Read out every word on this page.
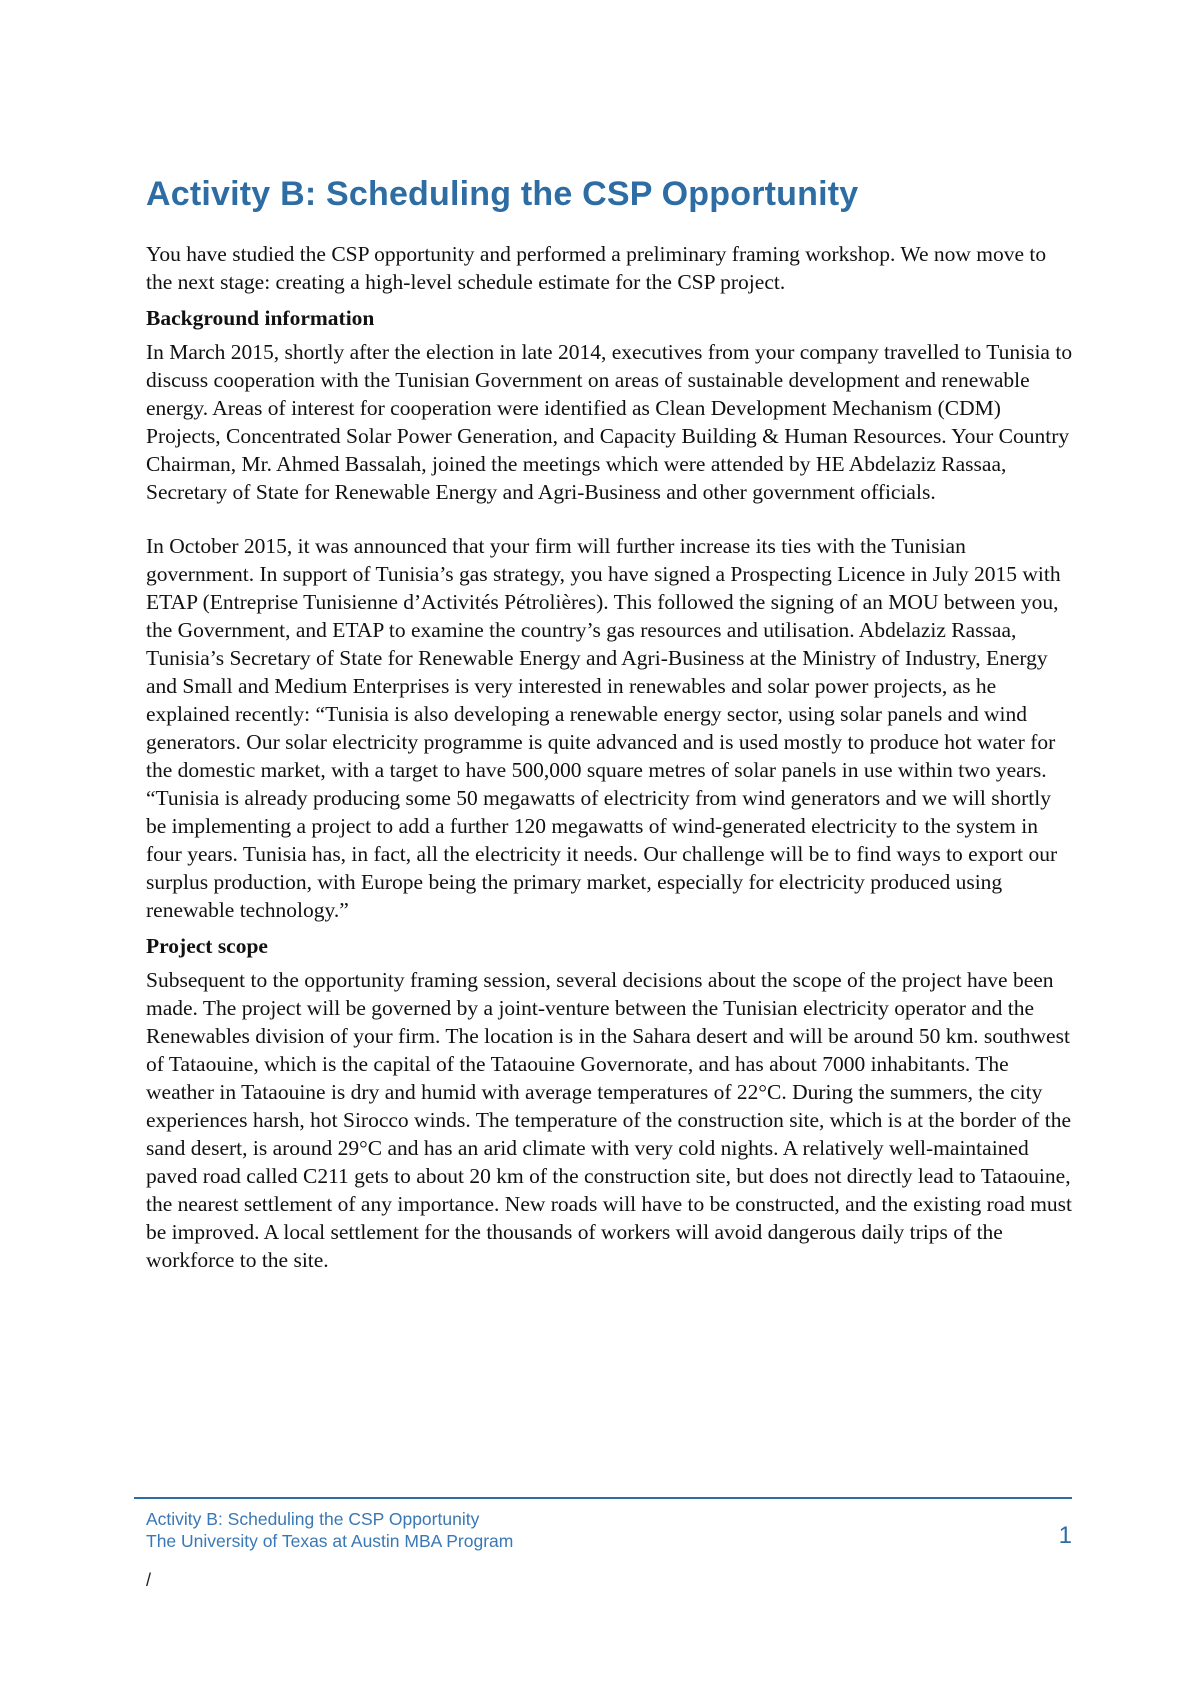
Activity B: Scheduling the CSP Opportunity

You have studied the CSP opportunity and performed a preliminary framing workshop. We now move to the next stage: creating a high-level schedule estimate for the CSP project.

Background information

In March 2015, shortly after the election in late 2014, executives from your company travelled to Tunisia to discuss cooperation with the Tunisian Government on areas of sustainable development and renewable energy. Areas of interest for cooperation were identified as Clean Development Mechanism (CDM) Projects, Concentrated Solar Power Generation, and Capacity Building & Human Resources. Your Country Chairman, Mr. Ahmed Bassalah, joined the meetings which were attended by HE Abdelaziz Rassaa, Secretary of State for Renewable Energy and Agri-Business and other government officials.

In October 2015, it was announced that your firm will further increase its ties with the Tunisian government. In support of Tunisia’s gas strategy, you have signed a Prospecting Licence in July 2015 with ETAP (Entreprise Tunisienne d’Activités Pétrolières). This followed the signing of an MOU between you, the Government, and ETAP to examine the country’s gas resources and utilisation. Abdelaziz Rassaa, Tunisia’s Secretary of State for Renewable Energy and Agri-Business at the Ministry of Industry, Energy and Small and Medium Enterprises is very interested in renewables and solar power projects, as he explained recently: “Tunisia is also developing a renewable energy sector, using solar panels and wind generators. Our solar electricity programme is quite advanced and is used mostly to produce hot water for the domestic market, with a target to have 500,000 square metres of solar panels in use within two years. “Tunisia is already producing some 50 megawatts of electricity from wind generators and we will shortly be implementing a project to add a further 120 megawatts of wind-generated electricity to the system in four years. Tunisia has, in fact, all the electricity it needs. Our challenge will be to find ways to export our surplus production, with Europe being the primary market, especially for electricity produced using renewable technology.”

Project scope

Subsequent to the opportunity framing session, several decisions about the scope of the project have been made. The project will be governed by a joint-venture between the Tunisian electricity operator and the Renewables division of your firm. The location is in the Sahara desert and will be around 50 km. southwest of Tataouine, which is the capital of the Tataouine Governorate, and has about 7000 inhabitants. The weather in Tataouine is dry and humid with average temperatures of 22°C. During the summers, the city experiences harsh, hot Sirocco winds. The temperature of the construction site, which is at the border of the sand desert, is around 29°C and has an arid climate with very cold nights. A relatively well-maintained paved road called C211 gets to about 20 km of the construction site, but does not directly lead to Tataouine, the nearest settlement of any importance. New roads will have to be constructed, and the existing road must be improved. A local settlement for the thousands of workers will avoid dangerous daily trips of the workforce to the site.

Activity B: Scheduling the CSP Opportunity
The University of Texas at Austin MBA Program	1
/
